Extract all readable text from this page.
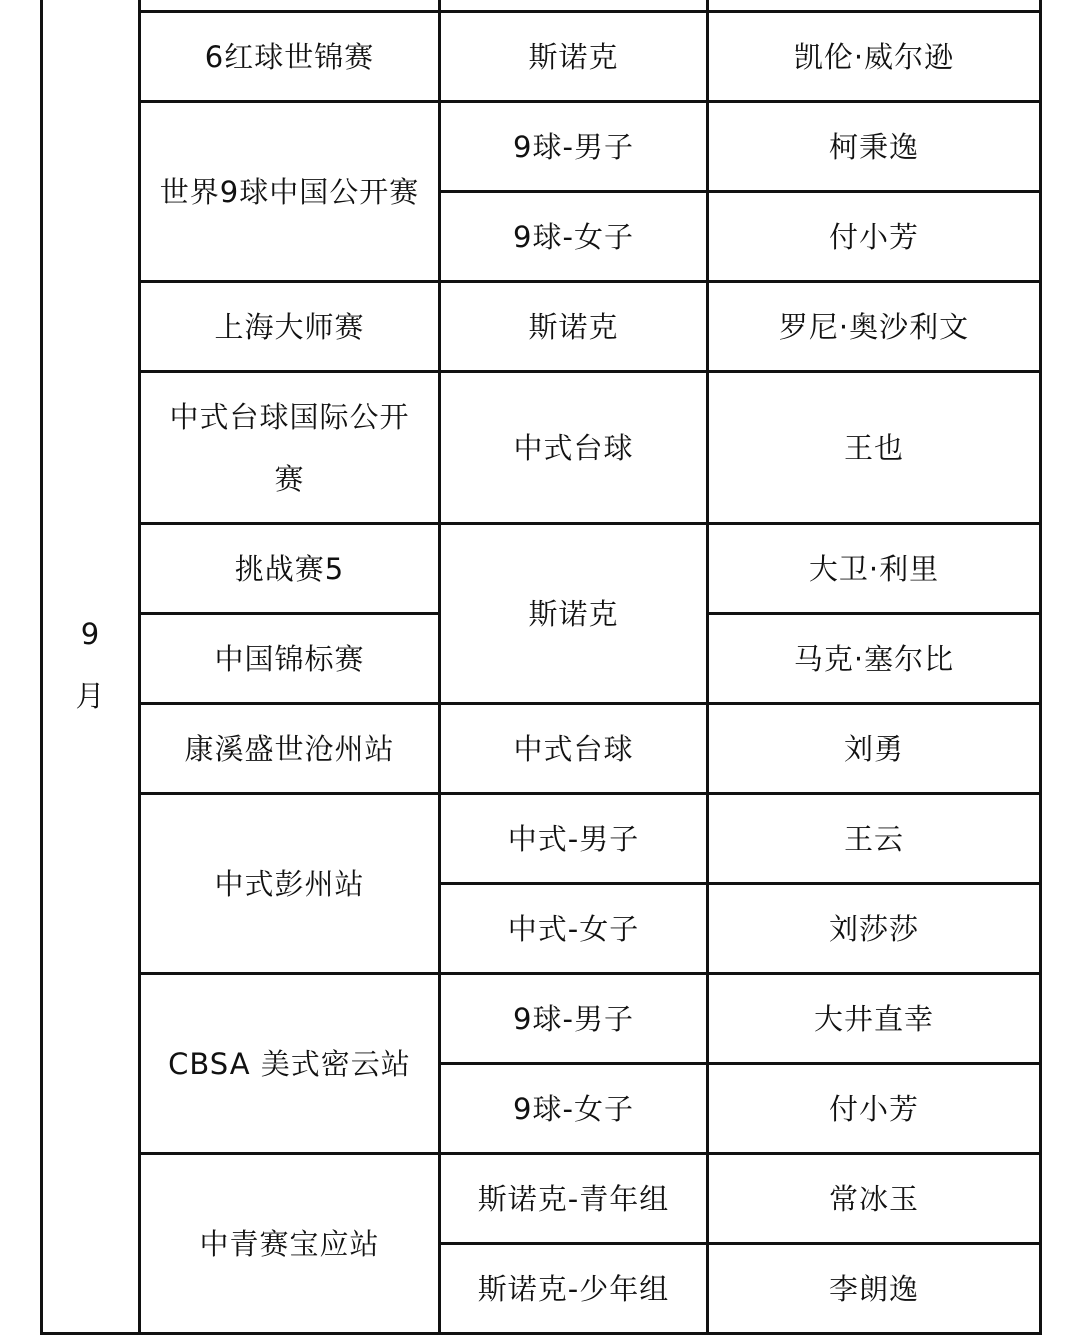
9月			
	6红球世锦赛	斯诺克	凯伦·威尔逊
	世界9球中国公开赛	9球-男子	柯秉逸
		9球-女子	付小芳
	上海大师赛	斯诺克	罗尼·奥沙利文
	中式台球国际公开赛	中式台球	王也
	挑战赛5	斯诺克	大卫·利里
	中国锦标赛		马克·塞尔比
	康溪盛世沧州站	中式台球	刘勇
	中式彭州站	中式-男子	王云
		中式-女子	刘莎莎
	CBSA 美式密云站	9球-男子	大井直幸
		9球-女子	付小芳
	中青赛宝应站	斯诺克-青年组	常冰玉
		斯诺克-少年组	李朗逸
